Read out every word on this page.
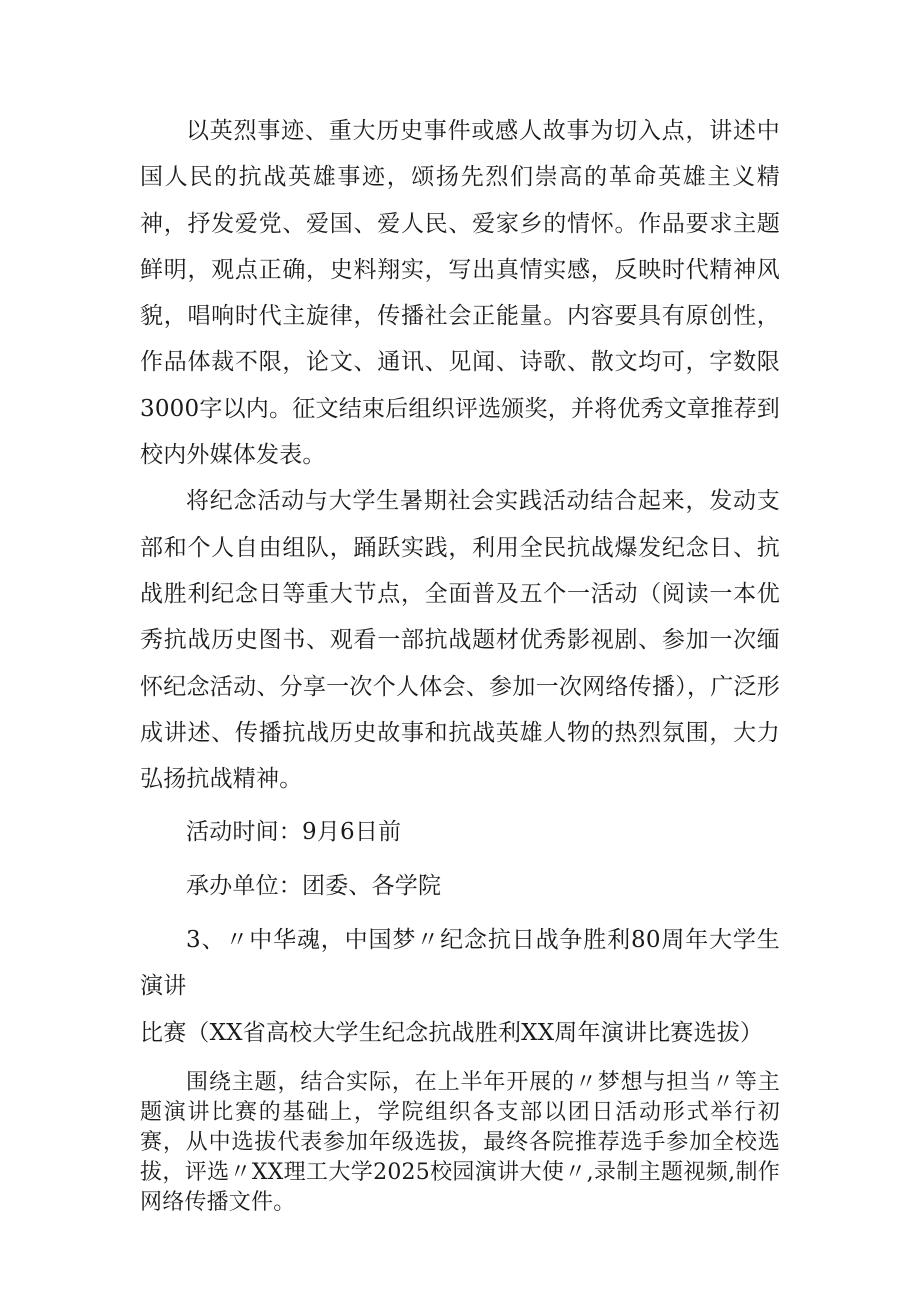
以英烈事迹、重大历史事件或感人故事为切入点，讲述中国人民的抗战英雄事迹，颂扬先烈们崇高的革命英雄主义精神，抒发爱党、爱国、爱人民、爱家乡的情怀。作品要求主题鲜明，观点正确，史料翔实，写出真情实感，反映时代精神风貌，唱响时代主旋律，传播社会正能量。内容要具有原创性，作品体裁不限，论文、通讯、见闻、诗歌、散文均可，字数限3000字以内。征文结束后组织评选颁奖，并将优秀文章推荐到校内外媒体发表。

将纪念活动与大学生暑期社会实践活动结合起来，发动支部和个人自由组队，踊跃实践，利用全民抗战爆发纪念日、抗战胜利纪念日等重大节点，全面普及五个一活动（阅读一本优秀抗战历史图书、观看一部抗战题材优秀影视剧、参加一次缅怀纪念活动、分享一次个人体会、参加一次网络传播），广泛形成讲述、传播抗战历史故事和抗战英雄人物的热烈氛围，大力弘扬抗战精神。

活动时间：9月6日前

承办单位：团委、各学院

3、〃中华魂，中国梦〃纪念抗日战争胜利80周年大学生演讲

比赛（XX省高校大学生纪念抗战胜利XX周年演讲比赛选拔）

围绕主题，结合实际，在上半年开展的〃梦想与担当〃等主题演讲比赛的基础上，学院组织各支部以团日活动形式举行初赛，从中选拔代表参加年级选拔，最终各院推荐选手参加全校选拔，评选〃XX理工大学2025校园演讲大使〃,录制主题视频,制作网络传播文件。
